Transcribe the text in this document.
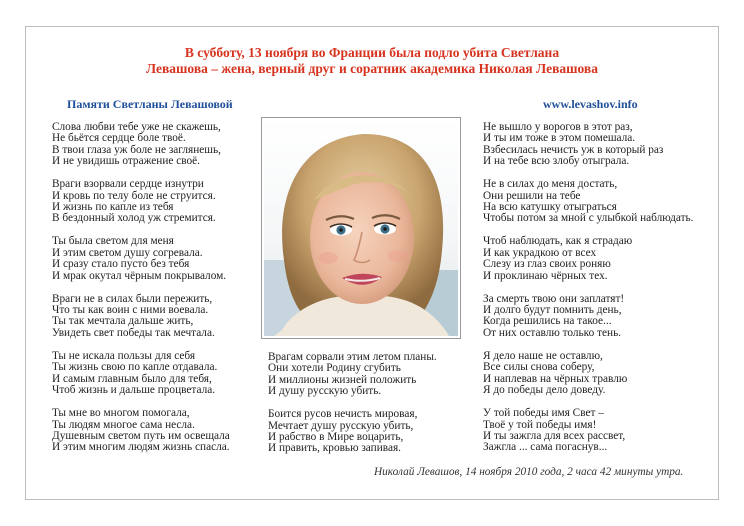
В субботу, 13 ноября во Франции была подло убита Светлана
Левашова – жена, верный друг и соратник академика Николая Левашова
Памяти Светланы Левашовой	www.levashov.info
Слова любви тебе уже не скажешь,
Не бьётся сердце боле твоё.
В твои глаза уж боле не заглянешь,
И не увидишь отражение своё.
Враги взорвали сердце изнутри
И кровь по телу боле не струится.
И жизнь по капле из тебя
В бездонный холод уж стремится.
Ты была светом для меня
И этим светом душу согревала.
И сразу стало пусто без тебя
И мрак окутал чёрным покрывалом.
Враги не в силах были пережить,
Что ты как воин с ними воевала.
Ты так мечтала дальше жить,
Увидеть свет победы так мечтала.
Ты не искала пользы для себя
Ты жизнь свою по капле отдавала.
И самым главным было для тебя,
Чтоб жизнь и дальше процветала.
Ты мне во многом помогала,
Ты людям многое сама несла.
Душевным светом путь им освещала
И этим многим людям жизнь спасла.
Врагам сорвали этим летом планы.
Они хотели Родину сгубить
И миллионы жизней положить
И душу русскую убить.
Боится русов нечисть мировая,
Мечтает душу русскую убить,
И рабство в Мире воцарить,
И править, кровью запивая.
Не вышло у ворогов в этот раз,
И ты им тоже в этом помешала.
Взбесилась нечисть уж в который раз
И на тебе всю злобу отыграла.
Не в силах до меня достать,
Они решили на тебе
На всю катушку отыграться
Чтобы потом за мной с улыбкой наблюдать.
Чтоб наблюдать, как я страдаю
И как украдкою от всех
Слезу из глаз своих роняю
И проклинаю чёрных тех.
За смерть твою они заплатят!
И долго будут помнить день,
Когда решились на такое...
От них оставлю только тень.
Я дело наше не оставлю,
Все силы снова соберу,
И наплевав на чёрных травлю
Я до победы дело доведу.
У той победы имя Свет –
Твоё у той победы имя!
И ты зажгла для всех рассвет,
Зажгла ... сама погаснув...
Николай Левашов, 14 ноября 2010 года, 2 часа 42 минуты утра.
